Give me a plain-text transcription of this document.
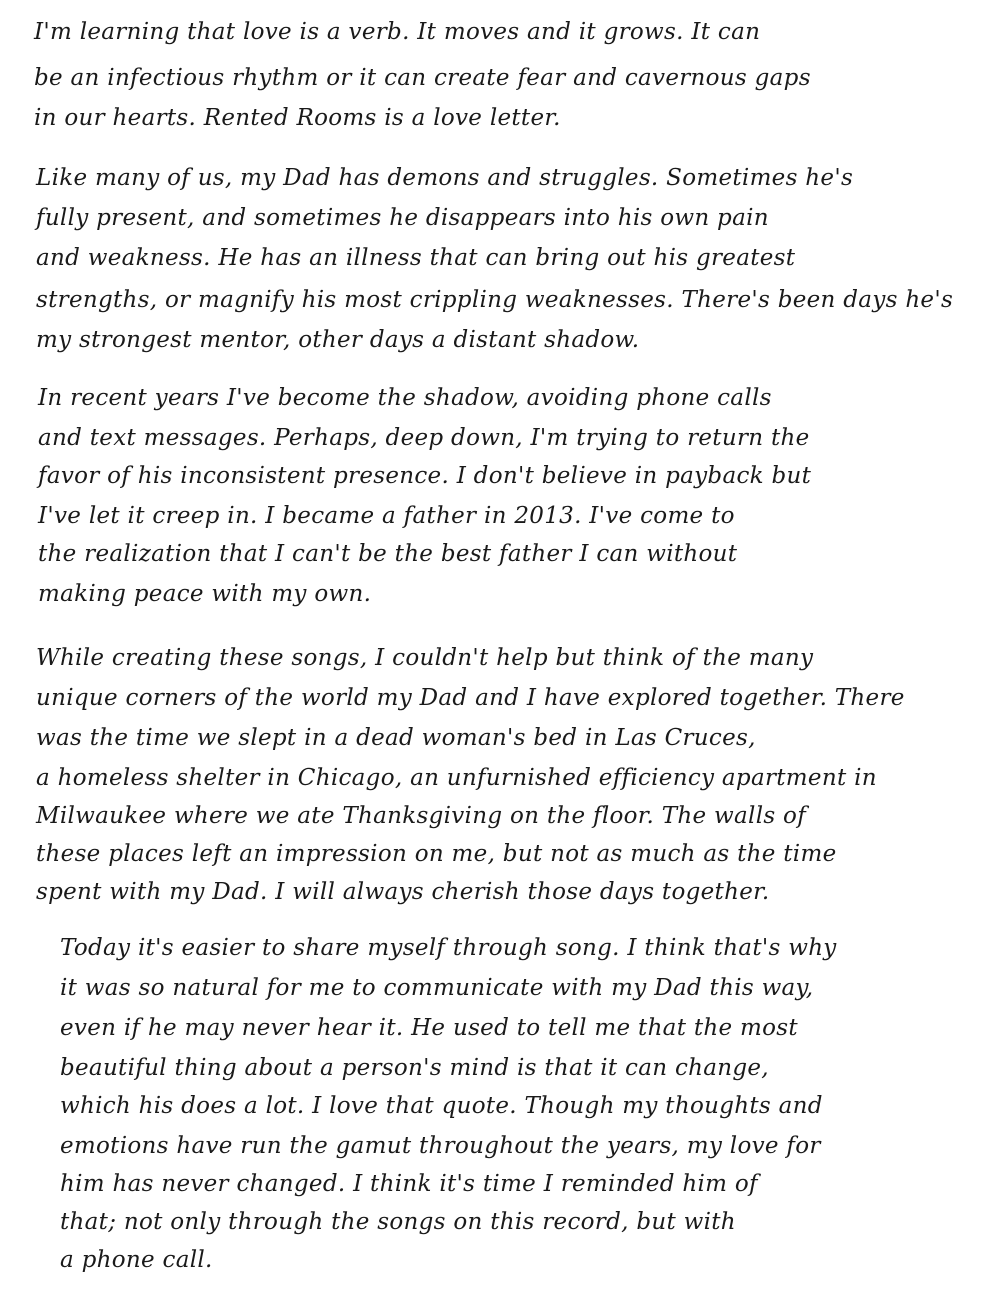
I'm learning that love is a verb. It moves and it grows. It can
be an infectious rhythm or it can create fear and cavernous gaps
in our hearts. Rented Rooms is a love letter.
Like many of us, my Dad has demons and struggles. Sometimes he's
fully present, and sometimes he disappears into his own pain
and weakness. He has an illness that can bring out his greatest
strengths, or magnify his most crippling weaknesses. There's been days he's
my strongest mentor, other days a distant shadow.
In recent years I've become the shadow, avoiding phone calls
and text messages. Perhaps, deep down, I'm trying to return the
favor of his inconsistent presence. I don't believe in payback but
I've let it creep in. I became a father in 2013. I've come to
the realization that I can't be the best father I can without
making peace with my own.
While creating these songs, I couldn't help but think of the many
unique corners of the world my Dad and I have explored together. There
was the time we slept in a dead woman's bed in Las Cruces,
a homeless shelter in Chicago, an unfurnished efficiency apartment in
Milwaukee where we ate Thanksgiving on the floor. The walls of
these places left an impression on me, but not as much as the time
spent with my Dad. I will always cherish those days together.
Today it's easier to share myself through song. I think that's why
it was so natural for me to communicate with my Dad this way,
even if he may never hear it. He used to tell me that the most
beautiful thing about a person's mind is that it can change,
which his does a lot. I love that quote. Though my thoughts and
emotions have run the gamut throughout the years, my love for
him has never changed. I think it's time I reminded him of
that; not only through the songs on this record, but with
a phone call.
